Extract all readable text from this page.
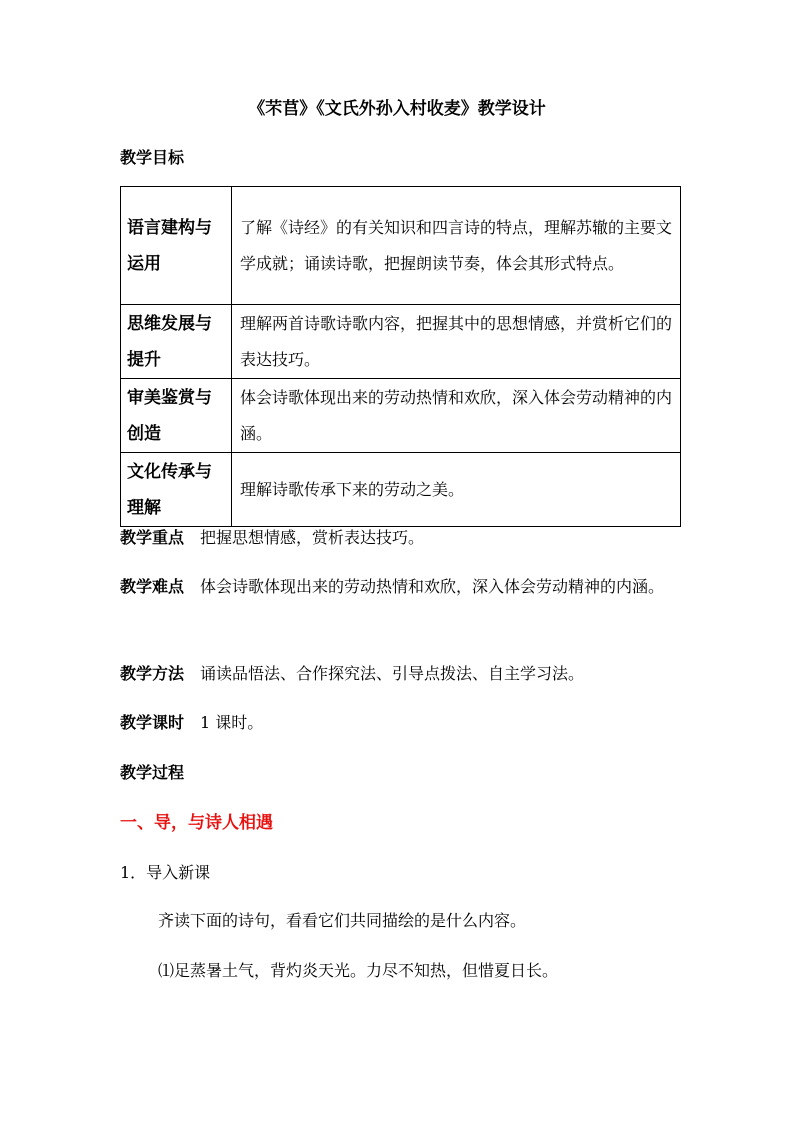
《芣苢》《文氏外孙入村收麦》教学设计
教学目标
语言建构与运用	了解《诗经》的有关知识和四言诗的特点，理解苏辙的主要文学成就；诵读诗歌，把握朗读节奏，体会其形式特点。
思维发展与提升	理解两首诗歌诗歌内容，把握其中的思想情感，并赏析它们的表达技巧。
审美鉴赏与创造	体会诗歌体现出来的劳动热情和欢欣，深入体会劳动精神的内涵。
文化传承与理解	理解诗歌传承下来的劳动之美。
教学重点 把握思想情感，赏析表达技巧。
教学难点 体会诗歌体现出来的劳动热情和欢欣，深入体会劳动精神的内涵。
教学方法 诵读品悟法、合作探究法、引导点拨法、自主学习法。
教学课时 1 课时。
教学过程
一、导，与诗人相遇
1．导入新课
齐读下面的诗句，看看它们共同描绘的是什么内容。
⑴足蒸暑土气，背灼炎天光。力尽不知热，但惜夏日长。
